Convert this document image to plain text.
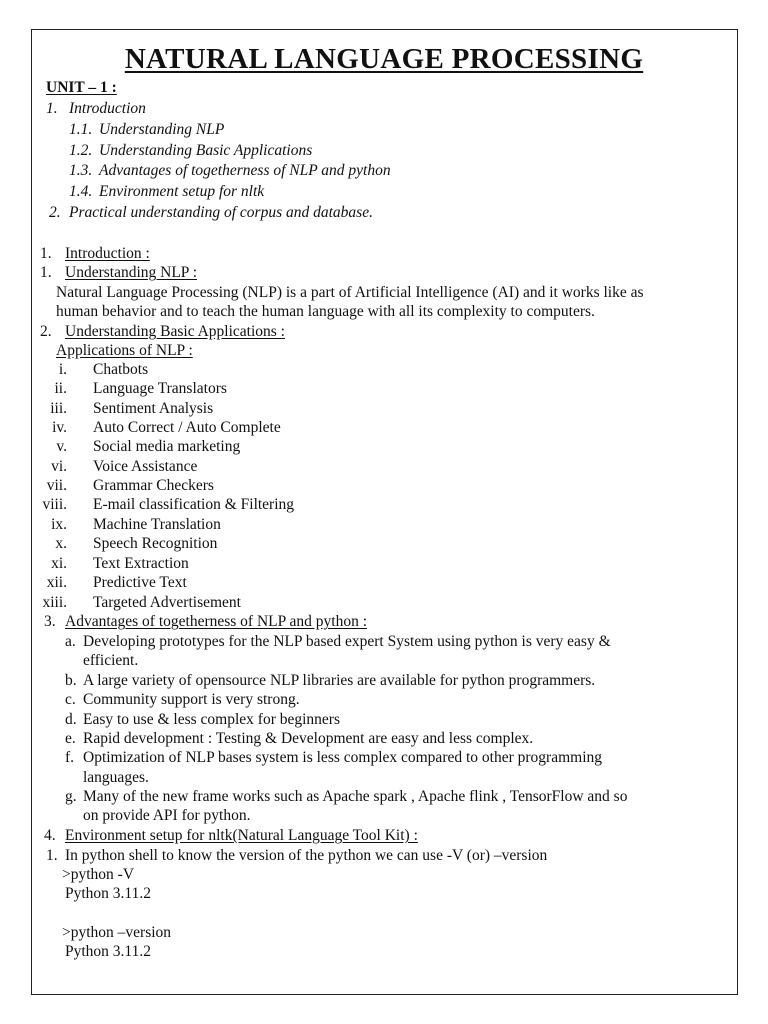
NATURAL LANGUAGE PROCESSING
UNIT – 1 :
1. Introduction
1.1. Understanding NLP
1.2. Understanding Basic Applications
1.3. Advantages of togetherness of NLP and python
1.4. Environment setup for nltk
2. Practical understanding of corpus and database.
1. Introduction :
1. Understanding NLP :
Natural Language Processing (NLP) is a part of Artificial Intelligence (AI) and it works like as
human behavior and to teach the human language with all its complexity to computers.
2. Understanding Basic Applications :
Applications of NLP :
i. Chatbots
ii. Language Translators
iii. Sentiment Analysis
iv. Auto Correct / Auto Complete
v. Social media marketing
vi. Voice Assistance
vii. Grammar Checkers
viii. E-mail classification & Filtering
ix. Machine Translation
x. Speech Recognition
xi. Text Extraction
xii. Predictive Text
xiii. Targeted Advertisement
3. Advantages of togetherness of NLP and python :
a. Developing prototypes for the NLP based expert System using python is very easy &
efficient.
b. A large variety of opensource NLP libraries are available for python programmers.
c. Community support is very strong.
d. Easy to use & less complex for beginners
e. Rapid development : Testing & Development are easy and less complex.
f. Optimization of NLP bases system is less complex compared to other programming
languages.
g. Many of the new frame works such as Apache spark , Apache flink , TensorFlow and so
on provide API for python.
4. Environment setup for nltk(Natural Language Tool Kit) :
1. In python shell to know the version of the python we can use -V (or) –version
>python -V
Python 3.11.2
>python –version
Python 3.11.2
